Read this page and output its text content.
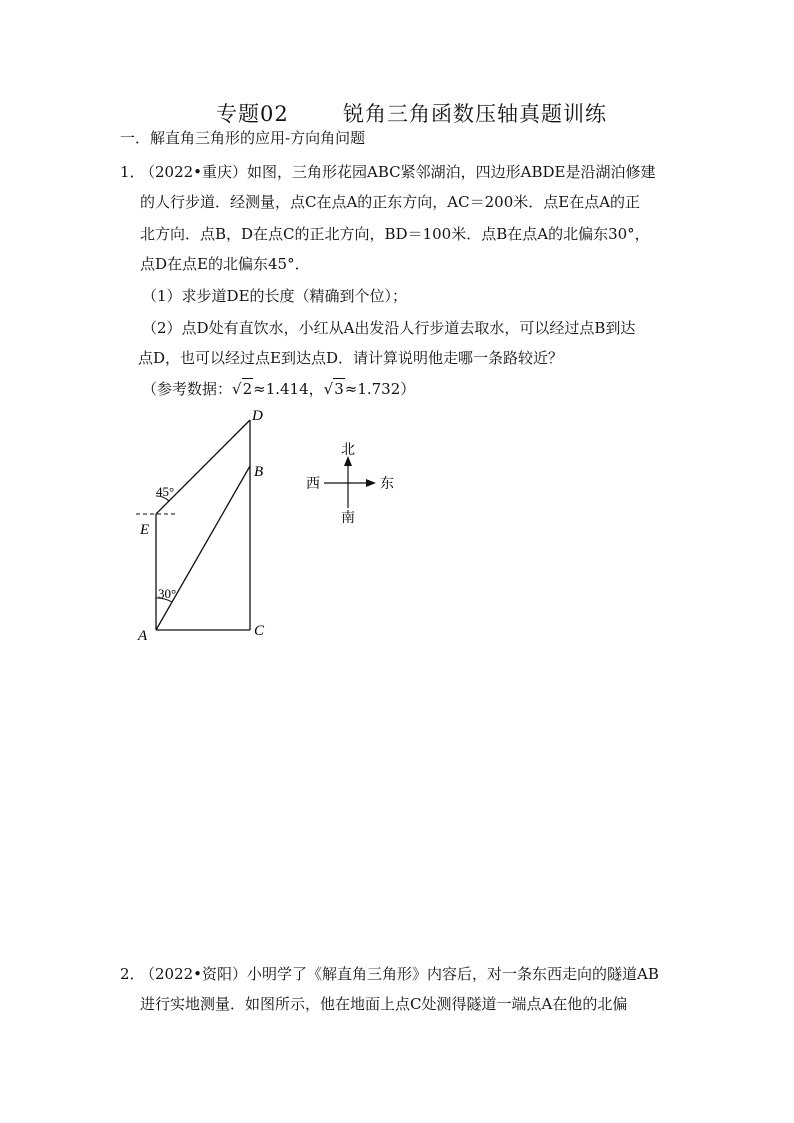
专题02	锐角三角函数压轴真题训练
一．解直角三角形的应用-方向角问题
1．
（2022•重庆）如图，三角形花园ABC紧邻湖泊，四边形ABDE是沿湖泊修建
的人行步道．经测量，点C在点A的正东方向，AC＝200米．点E在点A的正
北方向．点B，D在点C的正北方向，BD＝100米．点B在点A的北偏东30°，
点D在点E的北偏东45°．
（1）求步道DE的长度（精确到个位）；
（2）点D处有直饮水，小红从A出发沿人行步道去取水，可以经过点B到达
点D，也可以经过点E到达点D．请计算说明他走哪一条路较近？
（参考数据： √ 2 ≈1.414， √ 3 ≈1.732）
D
B
E
A	C
45°
30°
北
南
西	东
2．
（2022•资阳）小明学了《解直角三角形》内容后，对一条东西走向的隧道AB
进行实地测量．如图所示，他在地面上点C处测得隧道一端点A在他的北偏
